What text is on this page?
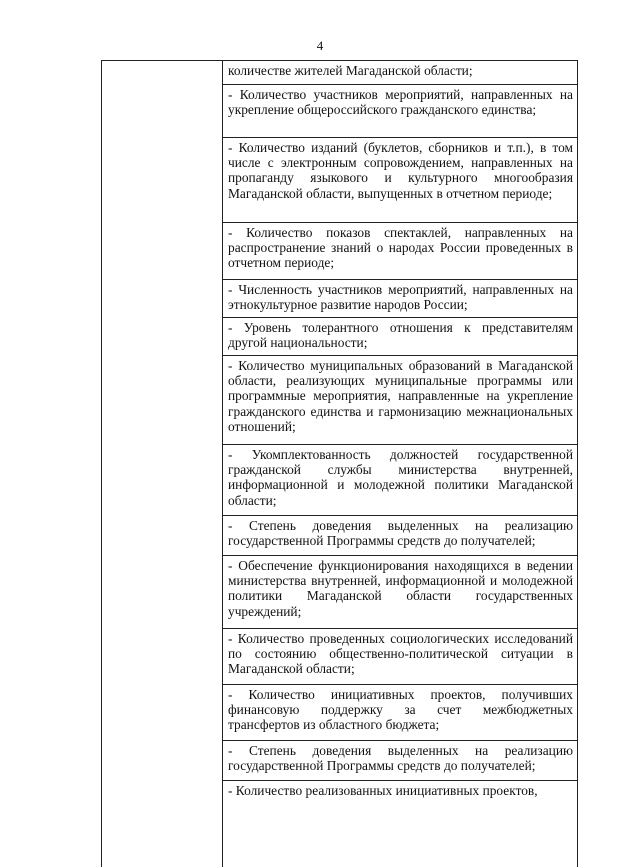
4
количестве жителей Магаданской области;
- Количество участников мероприятий, направленных на укрепление общероссийского гражданского единства;
- Количество изданий (буклетов, сборников и т.п.), в том числе с электронным сопровождением, направленных на пропаганду языкового и культурного многообразия Магаданской области, выпущенных в отчетном периоде;
- Количество показов спектаклей, направленных на распространение знаний о народах России проведенных в отчетном периоде;
- Численность участников мероприятий, направленных на этнокультурное развитие народов России;
- Уровень толерантного отношения к представителям другой национальности;
- Количество муниципальных образований в Магаданской области, реализующих муниципальные программы или программные мероприятия, направленные на укрепление гражданского единства и гармонизацию межнациональных отношений;
- Укомплектованность должностей государственной гражданской службы министерства внутренней, информационной и молодежной политики Магаданской области;
- Степень доведения выделенных на реализацию государственной Программы средств до получателей;
- Обеспечение функционирования находящихся в ведении министерства внутренней, информационной и молодежной политики Магаданской области государственных учреждений;
- Количество проведенных социологических исследований по состоянию общественно-политической ситуации в Магаданской области;
- Количество инициативных проектов, получивших финансовую поддержку за счет межбюджетных трансфертов из областного бюджета;
- Степень доведения выделенных на реализацию государственной Программы средств до получателей;
- Количество реализованных инициативных проектов,
